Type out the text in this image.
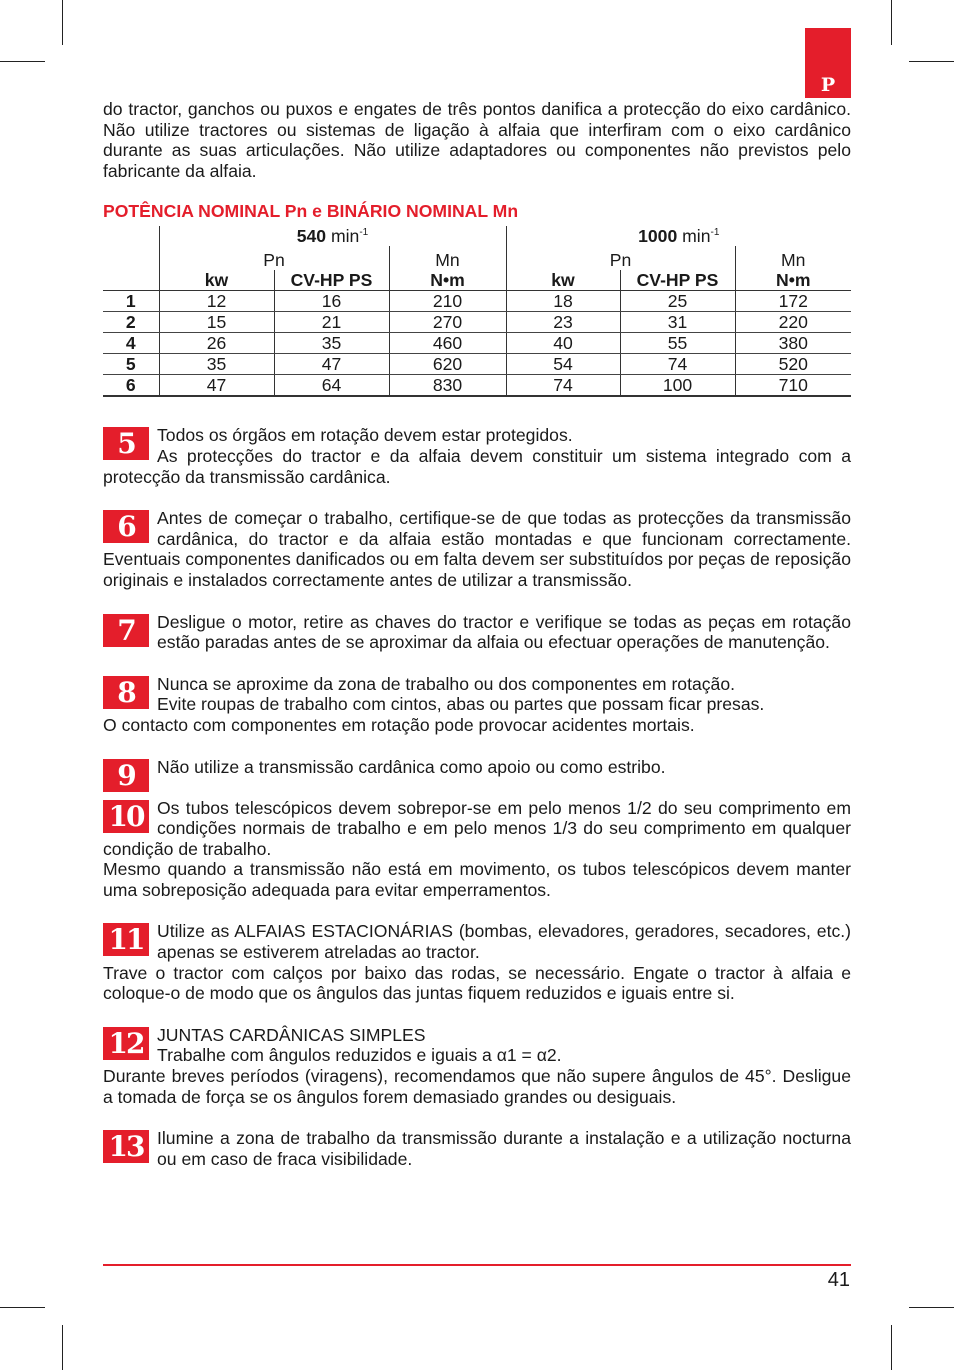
P

do tractor, ganchos ou puxos e engates de três pontos danifica a protecção do eixo cardânico. Não utilize tractores ou sistemas de ligação à alfaia que interfiram com o eixo cardânico durante as suas articulações. Não utilize adaptadores ou componentes não previstos pelo fabricante da alfaia.

POTÊNCIA NOMINAL Pn e BINÁRIO NOMINAL Mn
	540 $\min^{-1}$			1000 $\min^{-1}$
	Pn		Mn	Pn		Mn
	kw	CV-HP PS	N•m	kw	CV-HP PS	N•m
1	12	16	210	18	25	172
2	15	21	270	23	31	220
4	26	35	460	40	55	380
5	35	47	620	54	74	520
6	47	64	830	74	100	710
5	Todos os órgãos em rotação devem estar protegidos.

As protecções do tractor e da alfaia devem constituir um sistema integrado com a protecção da transmissão cardânica.

6	Antes de começar o trabalho, certifique-se de que todas as protecções da transmissão cardânica, do tractor e da alfaia estão montadas e que funcionam correctamente. Eventuais componentes danificados ou em falta devem ser substituídos por peças de reposição originais e instalados correctamente antes de utilizar a transmissão.

7	Desligue o motor, retire as chaves do tractor e verifique se todas as peças em rotação estão paradas antes de se aproximar da alfaia ou efectuar operações de manutenção.

8	Nunca se aproxime da zona de trabalho ou dos componentes em rotação.

Evite roupas de trabalho com cintos, abas ou partes que possam ficar presas.

O contacto com componentes em rotação pode provocar acidentes mortais.

9	Não utilize a transmissão cardânica como apoio ou como estribo.

10 Os tubos telescópicos devem sobrepor-se em pelo menos 1/2 do seu comprimento em condições normais de trabalho e em pelo menos 1/3 do seu comprimento em qualquer condição de trabalho.

Mesmo quando a transmissão não está em movimento, os tubos telescópicos devem manter uma sobreposição adequada para evitar emperramentos.

11 Utilize as ALFAIAS ESTACIONÁRIAS (bombas, elevadores, geradores, secadores, etc.) apenas se estiverem atreladas ao tractor.

Trave o tractor com calços por baixo das rodas, se necessário. Engate o tractor à alfaia e coloque-o de modo que os ângulos das juntas fiquem reduzidos e iguais entre si.

12 JUNTAS CARDÂNICAS SIMPLES

Trabalhe com ângulos reduzidos e iguais a α1 = α2.

Durante breves períodos (viragens), recomendamos que não supere ângulos de 45°. Desligue a tomada de força se os ângulos forem demasiado grandes ou desiguais.

13 Ilumine a zona de trabalho da transmissão durante a instalação e a utilização nocturna ou em caso de fraca visibilidade.

41
